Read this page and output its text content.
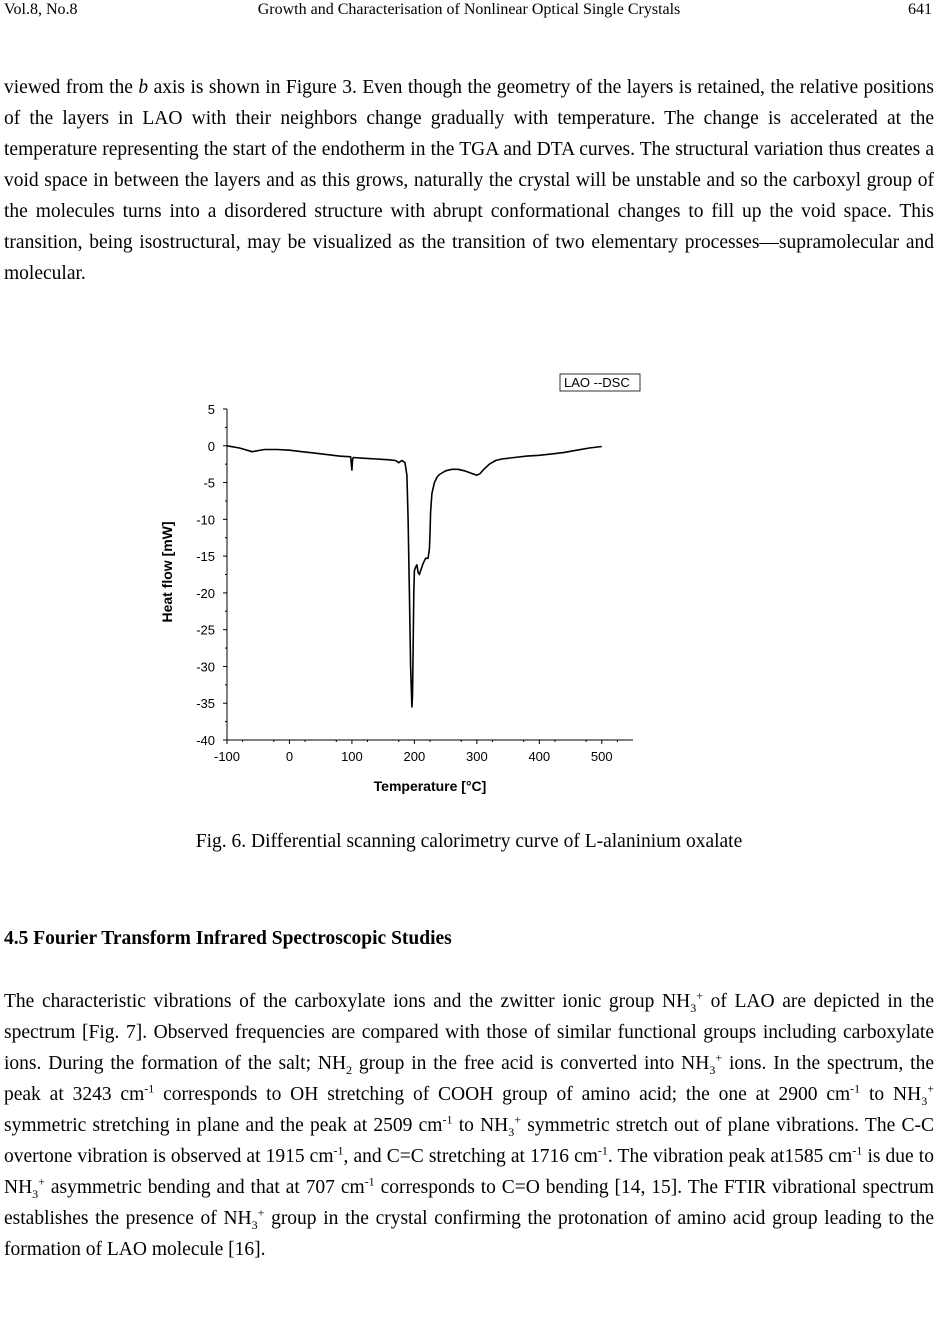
Vol.8, No.8	Growth and Characterisation of Nonlinear Optical Single Crystals	641

viewed from the b axis is shown in Figure 3. Even though the geometry of the layers is retained, the relative positions of the layers in LAO with their neighbors change gradually with temperature. The change is accelerated at the temperature representing the start of the endotherm in the TGA and DTA curves. The structural variation thus creates a void space in between the layers and as this grows, naturally the crystal will be unstable and so the carboxyl group of the molecules turns into a disordered structure with abrupt conformational changes to fill up the void space. This transition, being isostructural, may be visualized as the transition of two elementary processes—supramolecular and molecular.

5
0
-5
-10
-15
-20
-25
-30
-35
-40
-100	0	100	200	300	400	500
LAO --DSC
Heat flow [mW]
Temperature [°C]
Fig. 6. Differential scanning calorimetry curve of L-alaninium oxalate
4.5 Fourier Transform Infrared Spectroscopic Studies

The characteristic vibrations of the carboxylate ions and the zwitter ionic group $NH_3^+$ of LAO are depicted in the spectrum [Fig. 7]. Observed frequencies are compared with those of similar functional groups including carboxylate ions. During the formation of the salt; $NH_2$ group in the free acid is converted into $NH_3^+$ ions. In the spectrum, the peak at 3243 $cm^{-1}$ corresponds to OH stretching of COOH group of amino acid; the one at 2900 $cm^{-1}$ to $NH_3^+$ symmetric stretching in plane and the peak at 2509 $cm^{-1}$ to $NH_3^+$ symmetric stretch out of plane vibrations. The C-C overtone vibration is observed at 1915 $cm^{-1}$, and C=C stretching at 1716 $cm^{-1}$. The vibration peak at1585 $cm^{-1}$ is due to $NH_3^+$ asymmetric bending and that at 707 $cm^{-1}$ corresponds to C=O bending [14, 15]. The FTIR vibrational spectrum establishes the presence of $NH_3^+$ group in the crystal confirming the protonation of amino acid group leading to the formation of LAO molecule [16].
